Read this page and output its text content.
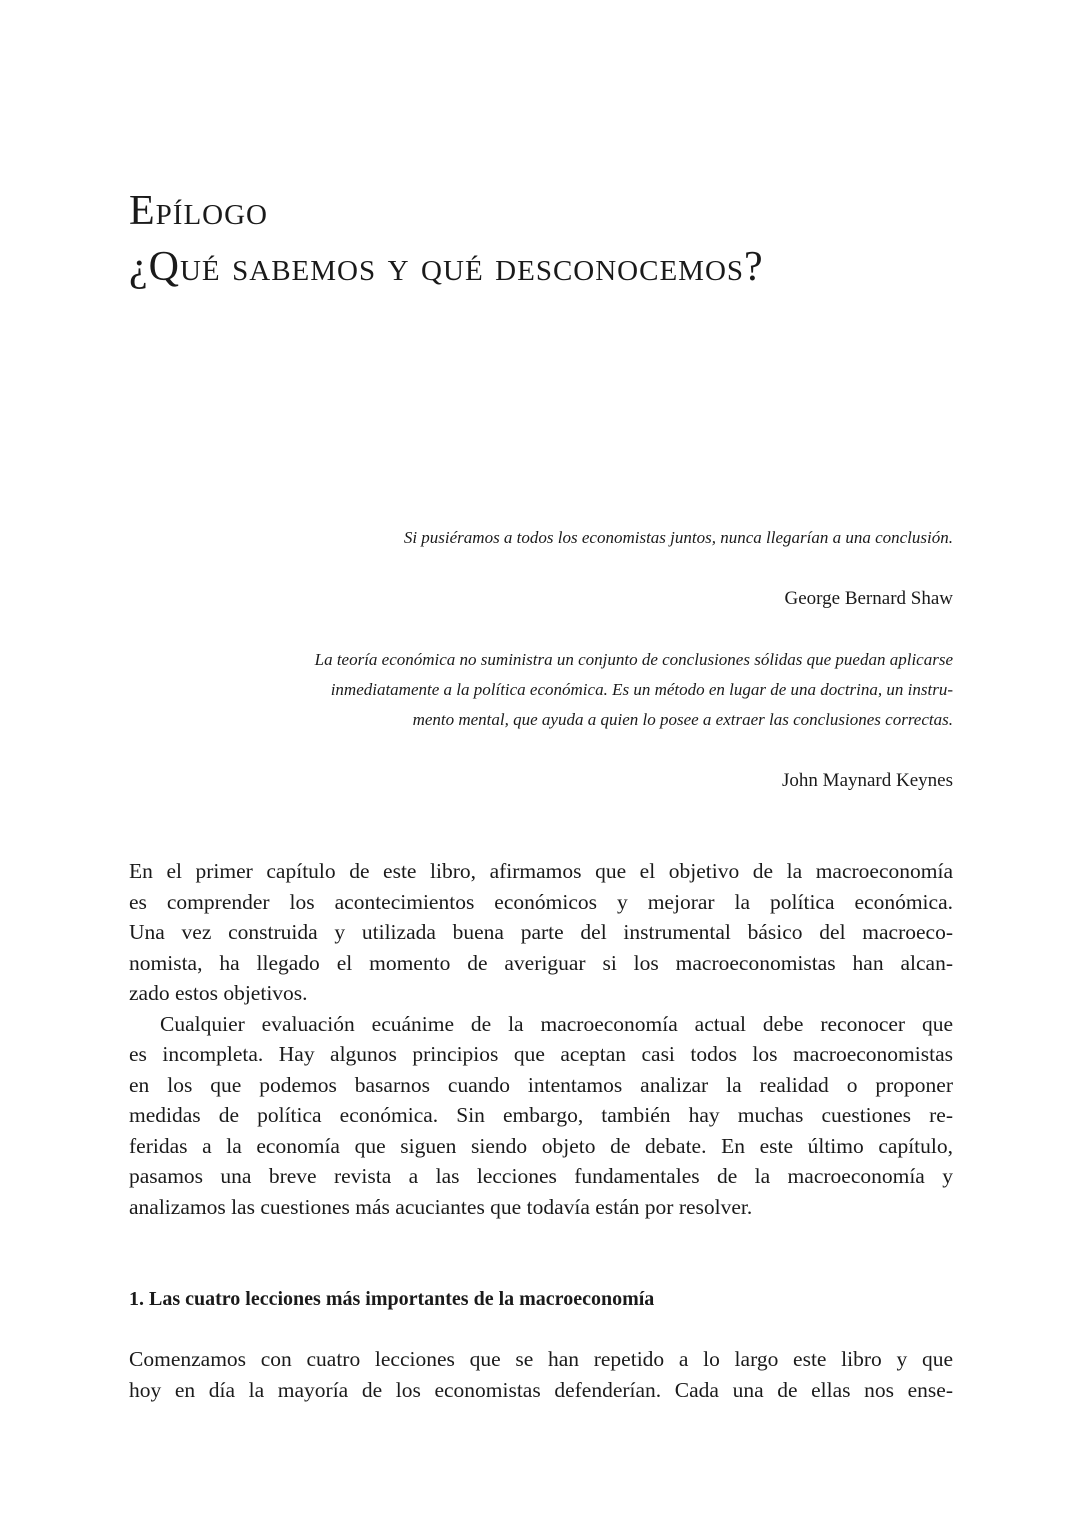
Epílogo
¿Qué sabemos y qué desconocemos?
Si pusiéramos a todos los economistas juntos, nunca llegarían a una conclusión.
George Bernard Shaw
La teoría económica no suministra un conjunto de conclusiones sólidas que puedan aplicarse
inmediatamente a la política económica. Es un método en lugar de una doctrina, un instru-
mento mental, que ayuda a quien lo posee a extraer las conclusiones correctas.
John Maynard Keynes
En el primer capítulo de este libro, afirmamos que el objetivo de la macroeconomía
es comprender los acontecimientos económicos y mejorar la política económica.
Una vez construida y utilizada buena parte del instrumental básico del macroeco-
nomista, ha llegado el momento de averiguar si los macroeconomistas han alcan-
zado estos objetivos.
Cualquier evaluación ecuánime de la macroeconomía actual debe reconocer que
es incompleta. Hay algunos principios que aceptan casi todos los macroeconomistas
en los que podemos basarnos cuando intentamos analizar la realidad o proponer
medidas de política económica. Sin embargo, también hay muchas cuestiones re-
feridas a la economía que siguen siendo objeto de debate. En este último capítulo,
pasamos una breve revista a las lecciones fundamentales de la macroeconomía y
analizamos las cuestiones más acuciantes que todavía están por resolver.
1. Las cuatro lecciones más importantes de la macroeconomía
Comenzamos con cuatro lecciones que se han repetido a lo largo este libro y que
hoy en día la mayoría de los economistas defenderían. Cada una de ellas nos ense-
